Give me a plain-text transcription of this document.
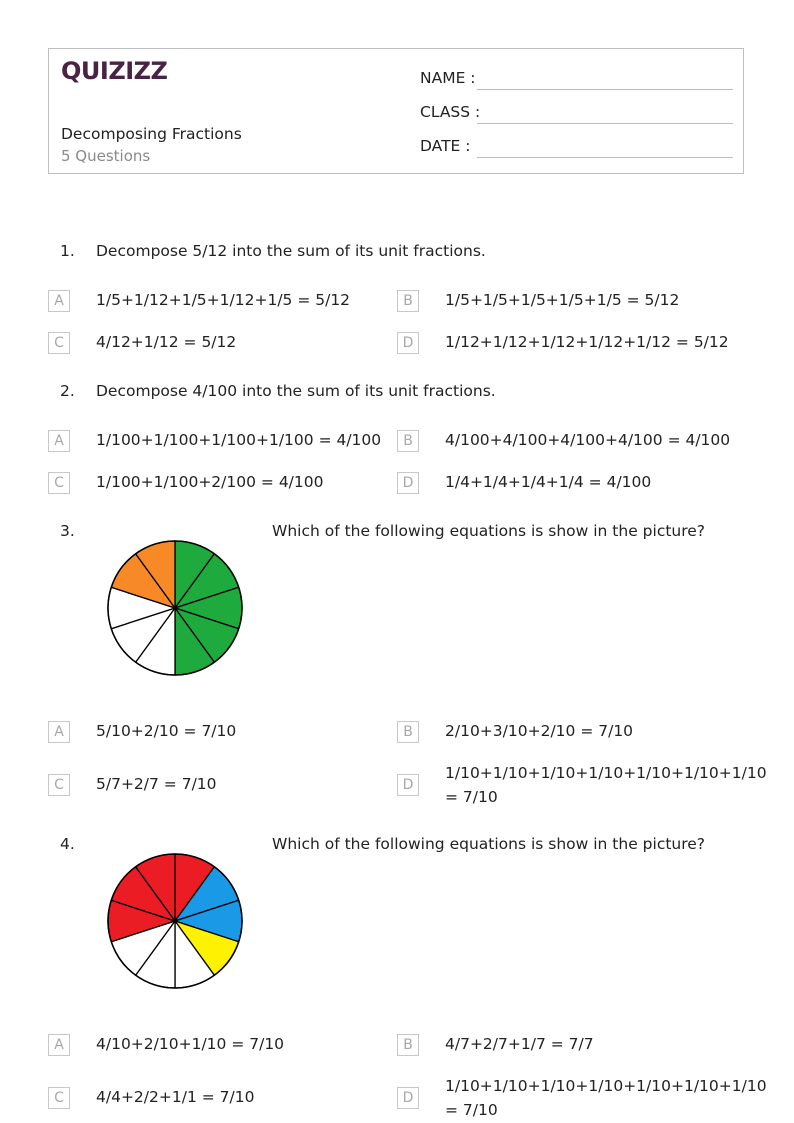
QUIZIZZ
Decomposing Fractions
5 Questions
NAME :
CLASS :
DATE :
1. Decompose 5/12 into the sum of its unit fractions.
A	1/5+1/12+1/5+1/12+1/5 = 5/12	B	1/5+1/5+1/5+1/5+1/5 = 5/12
C	4/12+1/12 = 5/12	D	1/12+1/12+1/12+1/12+1/12 = 5/12
2. Decompose 4/100 into the sum of its unit fractions.
A	1/100+1/100+1/100+1/100 = 4/100	B	4/100+4/100+4/100+4/100 = 4/100
C	1/100+1/100+2/100 = 4/100	D	1/4+1/4+1/4+1/4 = 4/100
3.	Which of the following equations is show in the picture?
A	5/10+2/10 = 7/10	B	2/10+3/10+2/10 = 7/10
C	5/7+2/7 = 7/10	D
1/10+1/10+1/10+1/10+1/10+1/10+1/10 = 7/10
4.	Which of the following equations is show in the picture?
A	4/10+2/10+1/10 = 7/10	B	4/7+2/7+1/7 = 7/7
C	4/4+2/2+1/1 = 7/10	D
1/10+1/10+1/10+1/10+1/10+1/10+1/10 = 7/10
